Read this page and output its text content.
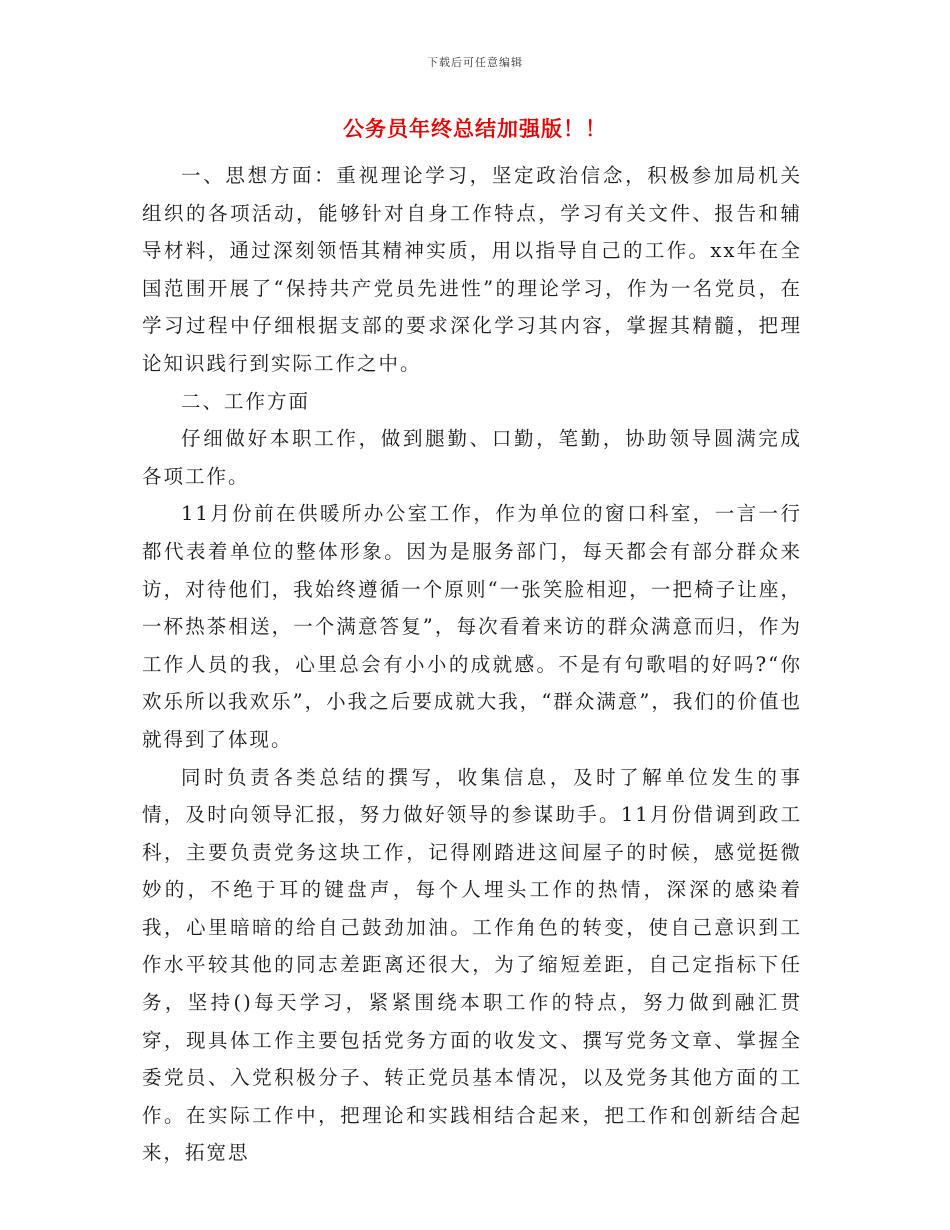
下载后可任意编辑
公务员年终总结加强版！！

一、思想方面：重视理论学习，坚定政治信念，积极参加局机关组织的各项活动，能够针对自身工作特点，学习有关文件、报告和辅导材料，通过深刻领悟其精神实质，用以指导自己的工作。xx年在全国范围开展了“保持共产党员先进性”的理论学习，作为一名党员，在学习过程中仔细根据支部的要求深化学习其内容，掌握其精髓，把理论知识践行到实际工作之中。

二、工作方面

仔细做好本职工作，做到腿勤、口勤，笔勤，协助领导圆满完成各项工作。

11月份前在供暖所办公室工作，作为单位的窗口科室，一言一行都代表着单位的整体形象。因为是服务部门，每天都会有部分群众来访，对待他们，我始终遵循一个原则“一张笑脸相迎，一把椅子让座，一杯热茶相送，一个满意答复”，每次看着来访的群众满意而归，作为工作人员的我，心里总会有小小的成就感。不是有句歌唱的好吗?“你欢乐所以我欢乐”，小我之后要成就大我，“群众满意”，我们的价值也就得到了体现。

同时负责各类总结的撰写，收集信息，及时了解单位发生的事情，及时向领导汇报，努力做好领导的参谋助手。11月份借调到政工科，主要负责党务这块工作，记得刚踏进这间屋子的时候，感觉挺微妙的，不绝于耳的键盘声，每个人埋头工作的热情，深深的感染着我，心里暗暗的给自己鼓劲加油。工作角色的转变，使自己意识到工作水平较其他的同志差距离还很大，为了缩短差距，自己定指标下任务，坚持()每天学习，紧紧围绕本职工作的特点，努力做到融汇贯穿，现具体工作主要包括党务方面的收发文、撰写党务文章、掌握全委党员、入党积极分子、转正党员基本情况，以及党务其他方面的工作。在实际工作中，把理论和实践相结合起来，把工作和创新结合起来，拓宽思
